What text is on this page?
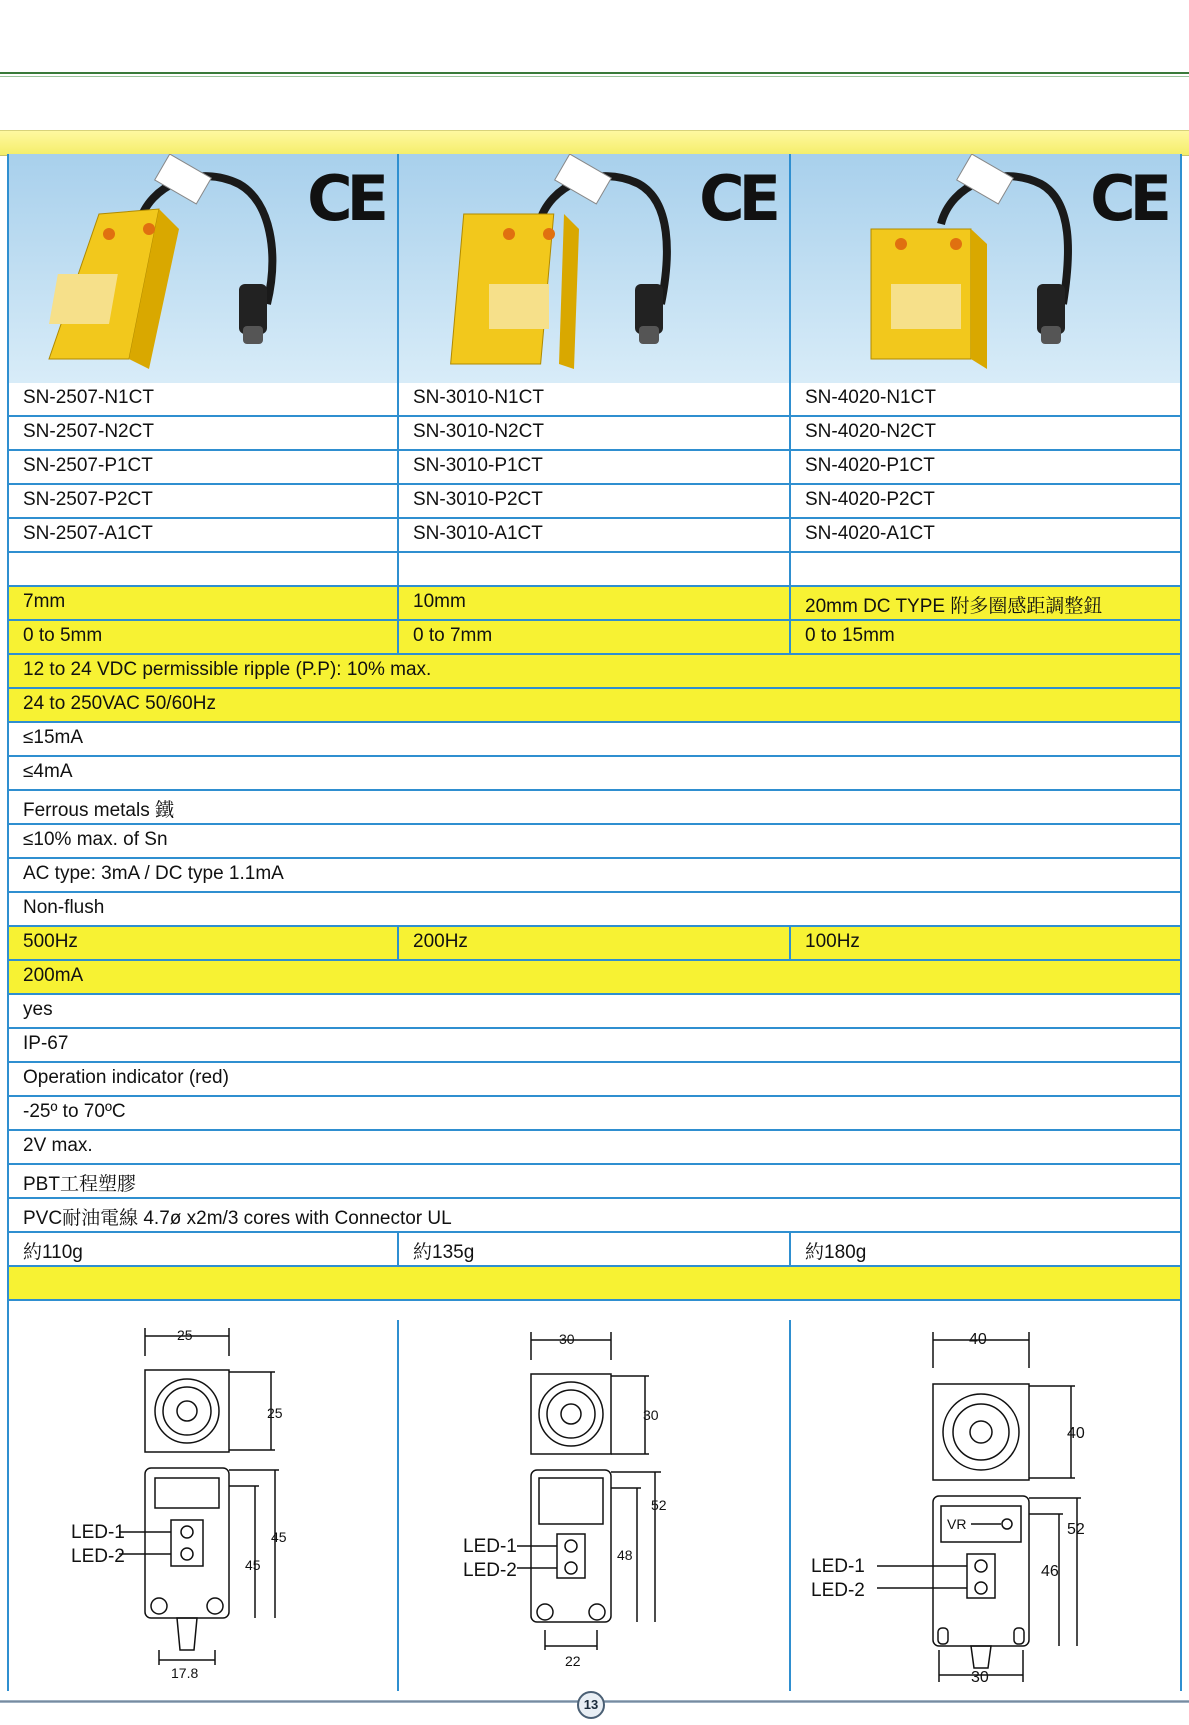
CE	CE	CE
SN-2507-N1CT	SN-3010-N1CT	SN-4020-N1CT
SN-2507-N2CT	SN-3010-N2CT	SN-4020-N2CT
SN-2507-P1CT	SN-3010-P1CT	SN-4020-P1CT
SN-2507-P2CT	SN-3010-P2CT	SN-4020-P2CT
SN-2507-A1CT	SN-3010-A1CT	SN-4020-A1CT
7mm	10mm	20mm DC TYPE 附多圈感距調整鈕
0 to 5mm	0 to 7mm	0 to 15mm
12 to 24 VDC permissible ripple (P.P): 10% max.
24 to 250VAC 50/60Hz
≤15mA
≤4mA
Ferrous metals 鐵
≤10% max. of Sn
AC type: 3mA / DC type 1.1mA
Non-flush
500Hz	200Hz	100Hz
200mA
yes
IP-67
Operation indicator (red)
-25º to 70ºC
2V max.
PBT工程塑膠
PVC耐油電線 4.7ø x2m/3 cores with Connector UL
約110g	約135g	約180g
25
25
45
45
LED-1
LED-2
17.8
30
30
52
48
LED-1
LED-2
22
40
40
VR	52
46
LED-1
LED-2
30
13
